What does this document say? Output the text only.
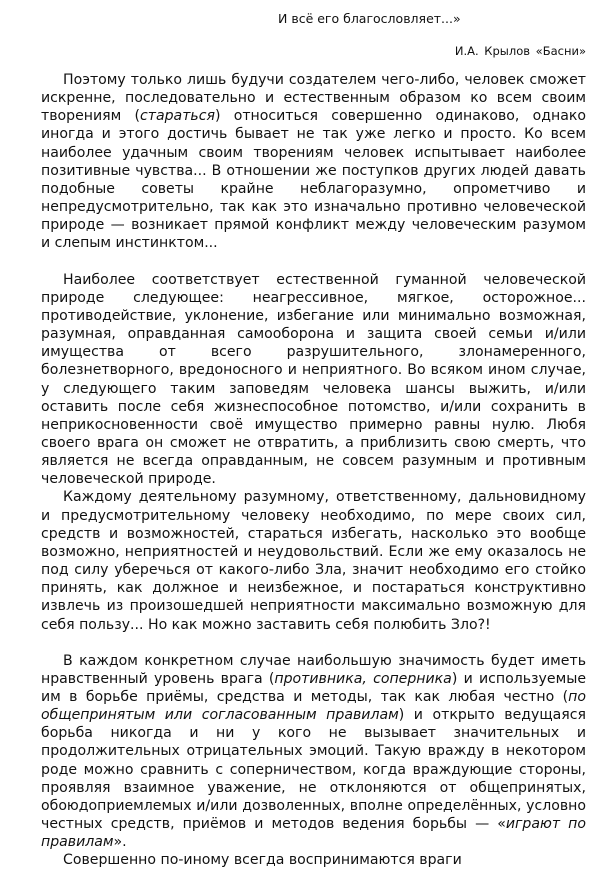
И всё его благословляет...»
И.А. Крылов «Басни»

Поэтому только лишь будучи создателем чего-либо, человек сможет искренне, последовательно и естественным образом ко всем своим творениям (стараться) относиться совершенно одинаково, однако иногда и этого достичь бывает не так уже легко и просто. Ко всем наиболее удачным своим творениям человек испытывает наиболее позитивные чувства... В отношении же поступков других людей давать подобные советы крайне неблагоразумно, опрометчиво и непредусмотрительно, так как это изначально противно человеческой природе — возникает прямой конфликт между человеческим разумом и слепым инстинктом...

Наиболее соответствует естественной гуманной человеческой природе следующее: неагрессивное, мягкое, осторожное... противодействие, уклонение, избегание или минимально возможная, разумная, оправданная самооборона и защита своей семьи и/или имущества от всего разрушительного, злонамеренного, болезнетворного, вредоносного и неприятного. Во всяком ином случае, у следующего таким заповедям человека шансы выжить, и/или оставить после себя жизнеспособное потомство, и/или сохранить в неприкосновенности своё имущество примерно равны нулю. Любя своего врага он сможет не отвратить, а приблизить свою смерть, что является не всегда оправданным, не совсем разумным и противным человеческой природе.

Каждому деятельному разумному, ответственному, дальновидному и предусмотрительному человеку необходимо, по мере своих сил, средств и возможностей, стараться избегать, насколько это вообще возможно, неприятностей и неудовольствий. Если же ему оказалось не под силу уберечься от какого-либо Зла, значит необходимо его стойко принять, как должное и неизбежное, и постараться конструктивно извлечь из произошедшей неприятности максимально возможную для себя пользу... Но как можно заставить себя полюбить Зло?!

В каждом конкретном случае наибольшую значимость будет иметь нравственный уровень врага (противника, соперника) и используемые им в борьбе приёмы, средства и методы, так как любая честно (по общепринятым или согласованным правилам) и открыто ведущаяся борьба никогда и ни у кого не вызывает значительных и продолжительных отрицательных эмоций. Такую вражду в некотором роде можно сравнить с соперничеством, когда враждующие стороны, проявляя взаимное уважение, не отклоняются от общепринятых, обоюдоприемлемых и/или дозволенных, вполне определённых, условно честных средств, приёмов и методов ведения борьбы — «играют по правилам».

Совершенно по-иному всегда воспринимаются враги
